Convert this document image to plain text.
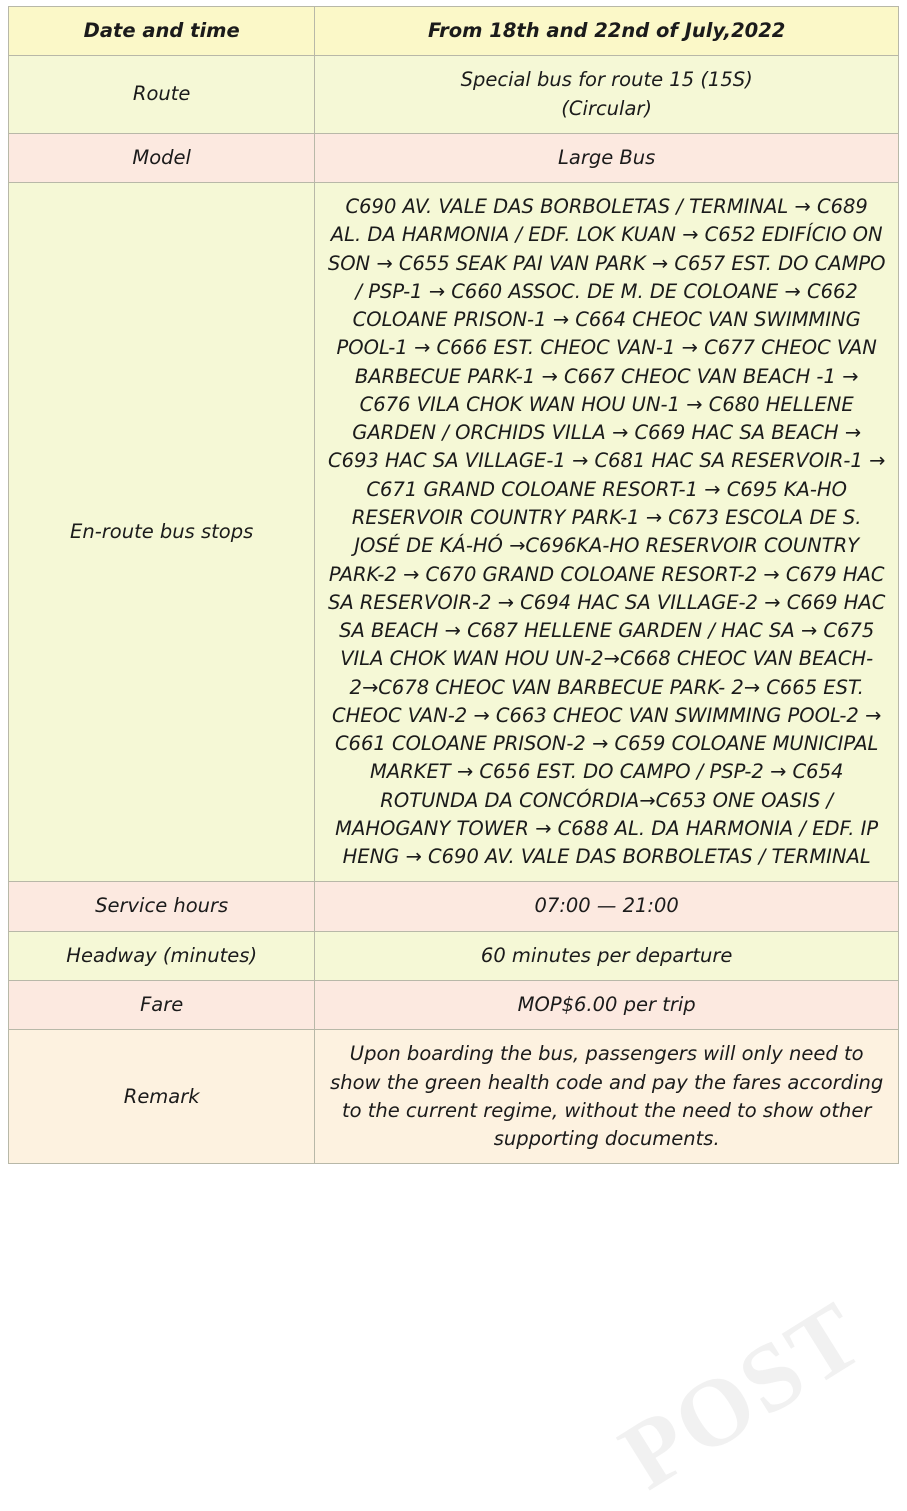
Date and time	From 18th and 22nd of July,2022
Route	Special bus for route 15 (15S)
(Circular)

Model	Large Bus
En-route bus stops	C690 AV. VALE DAS BORBOLETAS / TERMINAL → C689 AL. DA HARMONIA / EDF. LOK KUAN → C652 EDIFÍCIO ON SON → C655 SEAK PAI VAN PARK → C657 EST. DO CAMPO / PSP-1 → C660 ASSOC. DE M. DE COLOANE → C662 COLOANE PRISON-1 → C664 CHEOC VAN SWIMMING POOL-1 → C666 EST. CHEOC VAN-1 → C677 CHEOC VAN BARBECUE PARK-1 → C667 CHEOC VAN BEACH -1 → C676 VILA CHOK WAN HOU UN-1 → C680 HELLENE GARDEN / ORCHIDS VILLA → C669 HAC SA BEACH → C693 HAC SA VILLAGE-1 → C681 HAC SA RESERVOIR-1 → C671 GRAND COLOANE RESORT-1 → C695 KA-HO RESERVOIR COUNTRY PARK-1 → C673 ESCOLA DE S. JOSÉ DE KÁ-HÓ →C696KA-HO RESERVOIR COUNTRY PARK-2 → C670 GRAND COLOANE RESORT-2 → C679 HAC SA RESERVOIR-2 → C694 HAC SA VILLAGE-2 → C669 HAC SA BEACH → C687 HELLENE GARDEN / HAC SA → C675 VILA CHOK WAN HOU UN-2→C668 CHEOC VAN BEACH-2→C678 CHEOC VAN BARBECUE PARK- 2→ C665 EST. CHEOC VAN-2 → C663 CHEOC VAN SWIMMING POOL-2 → C661 COLOANE PRISON-2 → C659 COLOANE MUNICIPAL MARKET → C656 EST. DO CAMPO / PSP-2 → C654 ROTUNDA DA CONCÓRDIA→C653 ONE OASIS / MAHOGANY TOWER → C688 AL. DA HARMONIA / EDF. IP HENG → C690 AV. VALE DAS BORBOLETAS / TERMINAL
Service hours	07:00 — 21:00
Headway (minutes)	60 minutes per departure
Fare	MOP$6.00 per trip
Remark	Upon boarding the bus, passengers will only need to show the green health code and pay the fares according to the current regime, without the need to show other supporting documents.
POST
